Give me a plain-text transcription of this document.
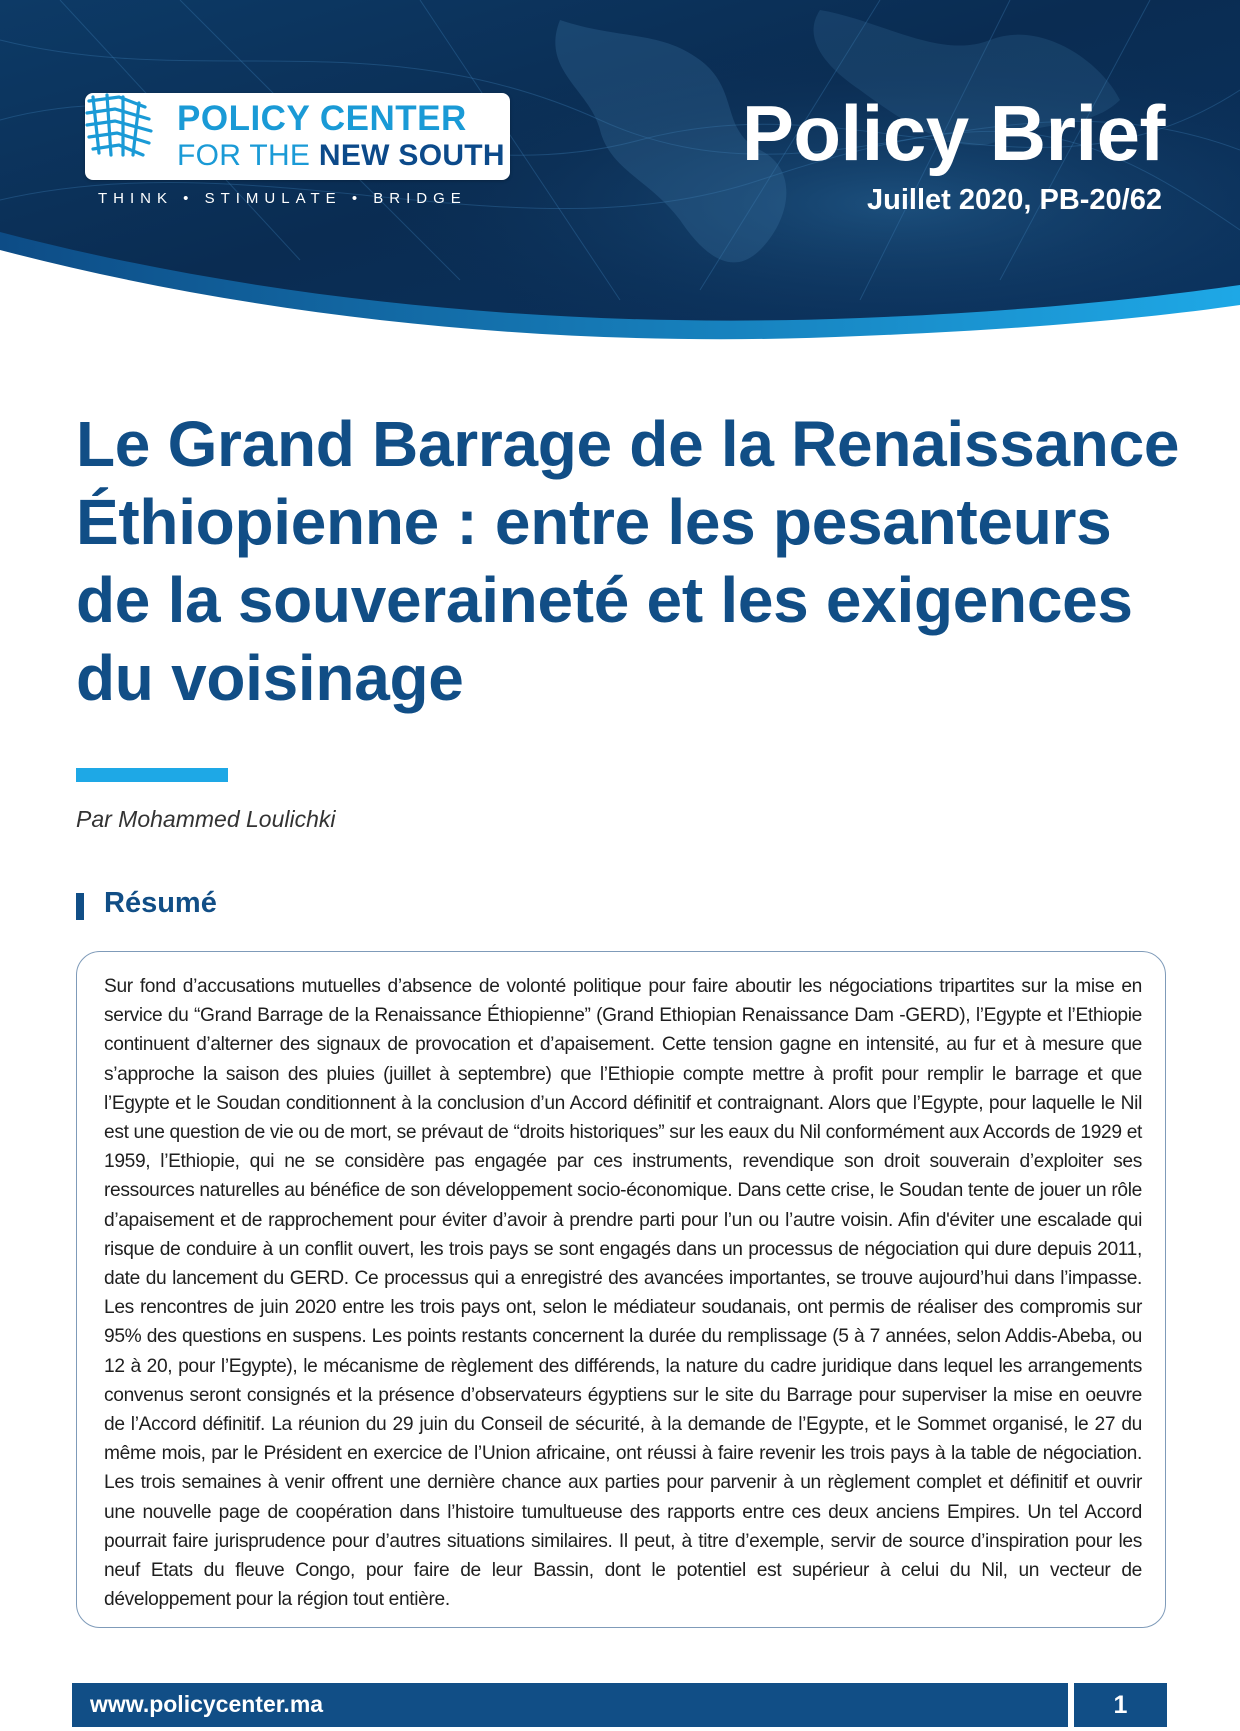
POLICY CENTER
FOR THE NEW SOUTH
THINK • STIMULATE • BRIDGE
Policy Brief
Juillet 2020, PB-20/62
Le Grand Barrage de la Renaissance Éthiopienne : entre les pesanteurs de la souveraineté et les exigences du voisinage
Par Mohammed Loulichki
Résumé

Sur fond d’accusations mutuelles d’absence de volonté politique pour faire aboutir les négociations tripartites sur la mise en service du “Grand Barrage de la Renaissance Éthiopienne” (Grand Ethiopian Renaissance Dam -GERD), l’Egypte et l’Ethiopie continuent d’alterner des signaux de provocation et d’apaisement. Cette tension gagne en intensité, au fur et à mesure que s’approche la saison des pluies (juillet à septembre) que l’Ethiopie compte mettre à profit pour remplir le barrage et que l’Egypte et le Soudan conditionnent à la conclusion d’un Accord définitif et contraignant. Alors que l’Egypte, pour laquelle le Nil est une question de vie ou de mort, se prévaut de “droits historiques” sur les eaux du Nil conformément aux Accords de 1929 et 1959, l’Ethiopie, qui ne se considère pas engagée par ces instruments, revendique son droit souverain d’exploiter ses ressources naturelles au bénéfice de son développement socio-économique. Dans cette crise, le Soudan tente de jouer un rôle d’apaisement et de rapprochement pour éviter d’avoir à prendre parti pour l’un ou l’autre voisin. Afin d'éviter une escalade qui risque de conduire à un conflit ouvert, les trois pays se sont engagés dans un processus de négociation qui dure depuis 2011, date du lancement du GERD. Ce processus qui a enregistré des avancées importantes, se trouve aujourd’hui dans l’impasse. Les rencontres de juin 2020 entre les trois pays ont, selon le médiateur soudanais, ont permis de réaliser des compromis sur 95% des questions en suspens. Les points restants concernent la durée du remplissage (5 à 7 années, selon Addis-Abeba, ou 12 à 20, pour l’Egypte), le mécanisme de règlement des différends, la nature du cadre juridique dans lequel les arrangements convenus seront consignés et la présence d’observateurs égyptiens sur le site du Barrage pour superviser la mise en oeuvre de l’Accord définitif. La réunion du 29 juin du Conseil de sécurité, à la demande de l’Egypte, et le Sommet organisé, le 27 du même mois, par le Président en exercice de l’Union africaine, ont réussi à faire revenir les trois pays à la table de négociation. Les trois semaines à venir offrent une dernière chance aux parties pour parvenir à un règlement complet et définitif et ouvrir une nouvelle page de coopération dans l’histoire tumultueuse des rapports entre ces deux anciens Empires. Un tel Accord pourrait faire jurisprudence pour d’autres situations similaires. Il peut, à titre d’exemple, servir de source d’inspiration pour les neuf Etats du fleuve Congo, pour faire de leur Bassin, dont le potentiel est supérieur à celui du Nil, un vecteur de développement pour la région tout entière.

www.policycenter.ma	1
